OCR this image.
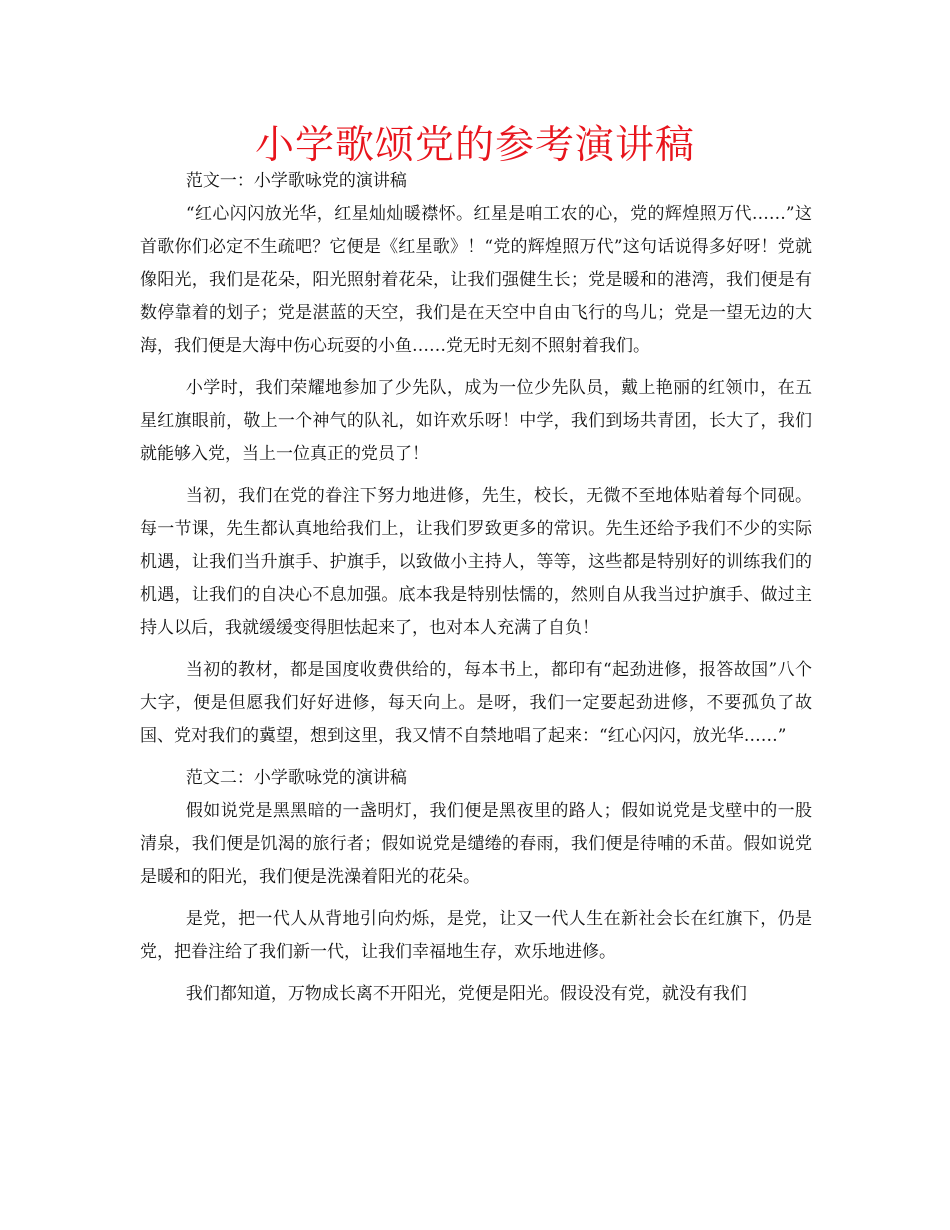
小学歌颂党的参考演讲稿

范文一：小学歌咏党的演讲稿

“红心闪闪放光华，红星灿灿暖襟怀。红星是咱工农的心，党的辉煌照万代……”这首歌你们必定不生疏吧？它便是《红星歌》！“党的辉煌照万代”这句话说得多好呀！党就像阳光，我们是花朵，阳光照射着花朵，让我们强健生长；党是暖和的港湾，我们便是有数停靠着的划子；党是湛蓝的天空，我们是在天空中自由飞行的鸟儿；党是一望无边的大海，我们便是大海中伤心玩耍的小鱼……党无时无刻不照射着我们。

小学时，我们荣耀地参加了少先队，成为一位少先队员，戴上艳丽的红领巾，在五星红旗眼前，敬上一个神气的队礼，如许欢乐呀！中学，我们到场共青团，长大了，我们就能够入党，当上一位真正的党员了！

当初，我们在党的眷注下努力地进修，先生，校长，无微不至地体贴着每个同砚。每一节课，先生都认真地给我们上，让我们罗致更多的常识。先生还给予我们不少的实际机遇，让我们当升旗手、护旗手，以致做小主持人，等等，这些都是特别好的训练我们的机遇，让我们的自决心不息加强。底本我是特别怯懦的，然则自从我当过护旗手、做过主持人以后，我就缓缓变得胆怯起来了，也对本人充满了自负！

当初的教材，都是国度收费供给的，每本书上，都印有“起劲进修，报答故国”八个大字，便是但愿我们好好进修，每天向上。是呀，我们一定要起劲进修，不要孤负了故国、党对我们的冀望，想到这里，我又情不自禁地唱了起来：“红心闪闪，放光华……”

范文二：小学歌咏党的演讲稿

假如说党是黑黑暗的一盏明灯，我们便是黑夜里的路人；假如说党是戈壁中的一股清泉，我们便是饥渴的旅行者；假如说党是缱绻的春雨，我们便是待哺的禾苗。假如说党是暖和的阳光，我们便是洗澡着阳光的花朵。

是党，把一代人从背地引向灼烁，是党，让又一代人生在新社会长在红旗下，仍是党，把眷注给了我们新一代，让我们幸福地生存，欢乐地进修。

我们都知道，万物成长离不开阳光，党便是阳光。假设没有党，就没有我们
